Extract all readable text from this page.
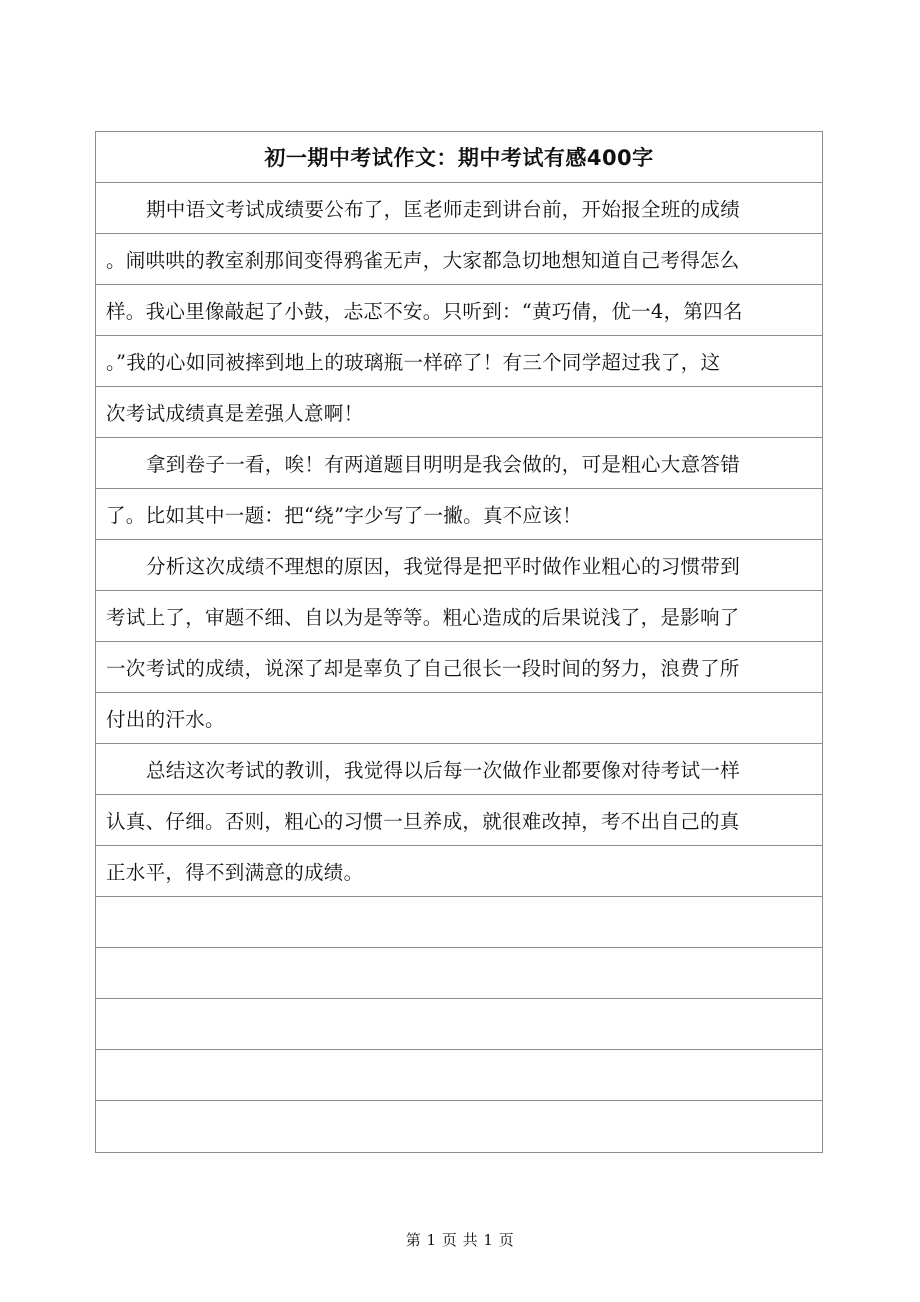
初一期中考试作文：期中考试有感400字
期中语文考试成绩要公布了，匡老师走到讲台前，开始报全班的成绩
。闹哄哄的教室刹那间变得鸦雀无声，大家都急切地想知道自己考得怎么
样。我心里像敲起了小鼓，忐忑不安。只听到：“黄巧倩，优一4，第四名
。”我的心如同被摔到地上的玻璃瓶一样碎了！有三个同学超过我了，这
次考试成绩真是差强人意啊！
拿到卷子一看，唉！有两道题目明明是我会做的，可是粗心大意答错
了。比如其中一题：把“绕”字少写了一撇。真不应该！
分析这次成绩不理想的原因，我觉得是把平时做作业粗心的习惯带到
考试上了，审题不细、自以为是等等。粗心造成的后果说浅了，是影响了
一次考试的成绩，说深了却是辜负了自己很长一段时间的努力，浪费了所
付出的汗水。
总结这次考试的教训，我觉得以后每一次做作业都要像对待考试一样
认真、仔细。否则，粗心的习惯一旦养成，就很难改掉，考不出自己的真
正水平，得不到满意的成绩。
第 1 页 共 1 页
